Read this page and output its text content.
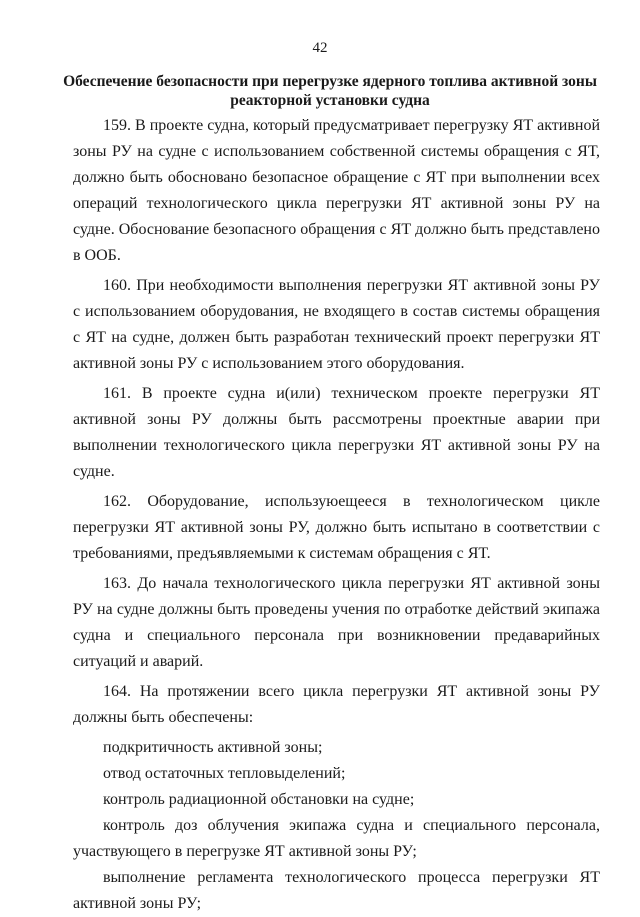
42
Обеспечение безопасности при перегрузке ядерного топлива активной зоны реакторной установки судна

159. В проекте судна, который предусматривает перегрузку ЯТ активной зоны РУ на судне с использованием собственной системы обращения с ЯТ, должно быть обосновано безопасное обращение с ЯТ при выполнении всех операций технологического цикла перегрузки ЯТ активной зоны РУ на судне. Обоснование безопасного обращения с ЯТ должно быть представлено в ООБ.

160. При необходимости выполнения перегрузки ЯТ активной зоны РУ с использованием оборудования, не входящего в состав системы обращения с ЯТ на судне, должен быть разработан технический проект перегрузки ЯТ активной зоны РУ с использованием этого оборудования.

161. В проекте судна и(или) техническом проекте перегрузки ЯТ активной зоны РУ должны быть рассмотрены проектные аварии при выполнении технологического цикла перегрузки ЯТ активной зоны РУ на судне.

162. Оборудование, используюещееся в технологическом цикле перегрузки ЯТ активной зоны РУ, должно быть испытано в соответствии с требованиями, предъявляемыми к системам обращения с ЯТ.

163. До начала технологического цикла перегрузки ЯТ активной зоны РУ на судне должны быть проведены учения по отработке действий экипажа судна и специального персонала при возникновении предаварийных ситуаций и аварий.

164. На протяжении всего цикла перегрузки ЯТ активной зоны РУ должны быть обеспечены:

подкритичность активной зоны;

отвод остаточных тепловыделений;

контроль радиационной обстановки на судне;

контроль доз облучения экипажа судна и специального персонала, участвующего в перегрузке ЯТ активной зоны РУ;

выполнение регламента технологического процесса перегрузки ЯТ активной зоны РУ;
